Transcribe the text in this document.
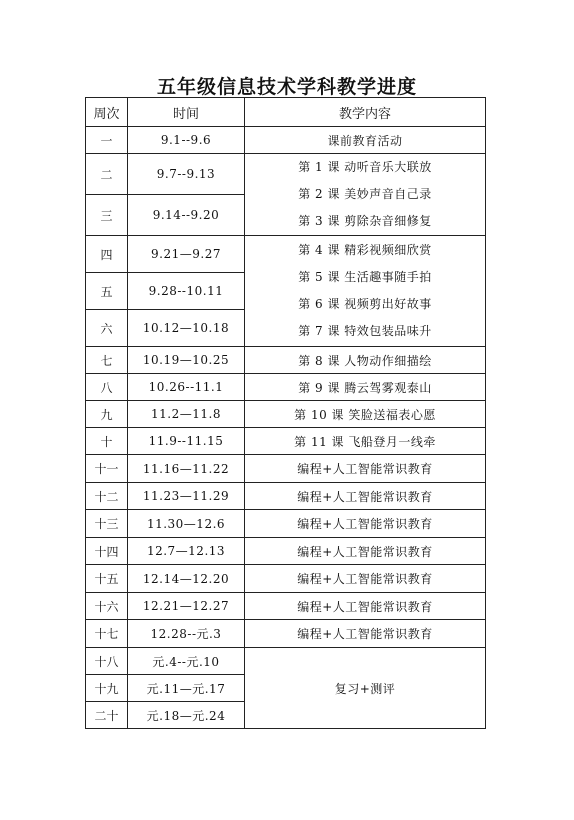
五年级信息技术学科教学进度
周次	时间	教学内容
一	9.1--9.6	课前教育活动
二	9.7--9.13	第 1 课 动听音乐大联放
第 2 课 美妙声音自己录
第 3 课 剪除杂音细修复

三	9.14--9.20	
四	9.21—9.27	第 4 课 精彩视频细欣赏
第 5 课 生活趣事随手拍
第 6 课 视频剪出好故事
第 7 课 特效包装品味升

五	9.28--10.11	
六	10.12—10.18	
七	10.19—10.25	第 8 课 人物动作细描绘
八	10.26--11.1	第 9 课 腾云驾雾观泰山
九	11.2—11.8	第 10 课 笑脸送福表心愿
十	11.9--11.15	第 11 课 飞船登月一线牵
十一	11.16—11.22	编程+人工智能常识教育
十二	11.23—11.29	编程+人工智能常识教育
十三	11.30—12.6	编程+人工智能常识教育
十四	12.7—12.13	编程+人工智能常识教育
十五	12.14—12.20	编程+人工智能常识教育
十六	12.21—12.27	编程+人工智能常识教育
十七	12.28--元.3	编程+人工智能常识教育
十八	元.4--元.10	复习+测评
十九	元.11—元.17	
二十	元.18—元.24	
